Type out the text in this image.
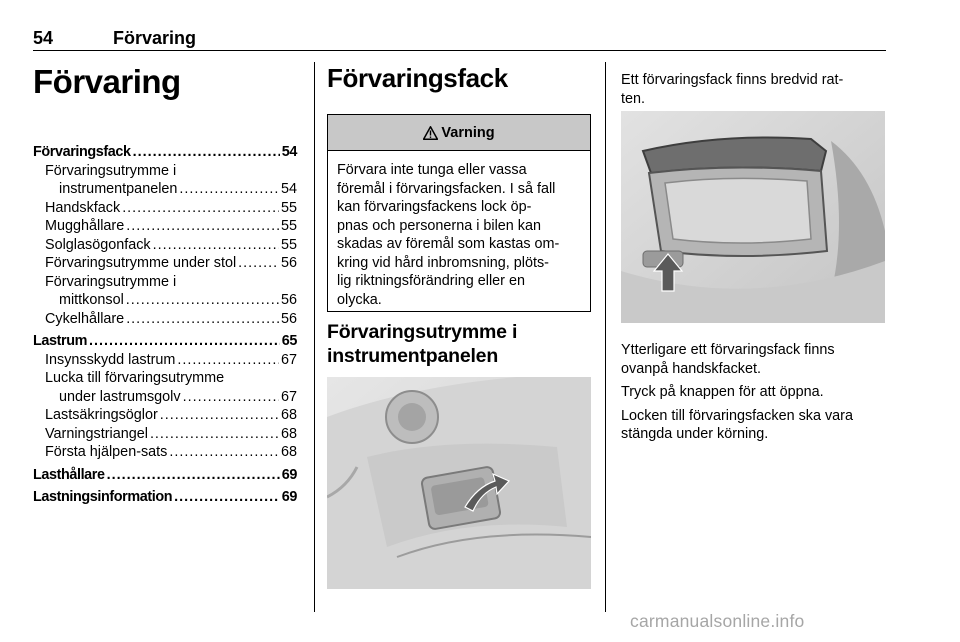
54	Förvaring
Förvaring
Förvaringsfack .....	54
Förvaringsutrymme i
instrumentpanelen .....	54
Handskfack .....	55
Mugghållare .....	55
Solglasögonfack .....	55
Förvaringsutrymme under stol .....	56
Förvaringsutrymme i
mittkonsol .....	56
Cykelhållare .....	56
Lastrum .....	65
Insynsskydd lastrum .....	67
Lucka till förvaringsutrymme
under lastrumsgolv .....	67
Lastsäkringsöglor .....	68
Varningstriangel .....	68
Första hjälpen-sats .....	68
Lasthållare .....	69
Lastningsinformation .....	69
Förvaringsfack
Varning
Förvara inte tunga eller vassa
föremål i förvaringsfacken. I så fall
kan förvaringsfackens lock öp-
pnas och personerna i bilen kan
skadas av föremål som kastas om-
kring vid hård inbromsning, plöts-
lig riktningsförändring eller en
olycka.
Förvaringsutrymme i
instrumentpanelen
Ett förvaringsfack finns bredvid rat-
ten.

Ytterligare ett förvaringsfack finns
ovanpå handskfacket.

Tryck på knappen för att öppna.

Locken till förvaringsfacken ska vara
stängda under körning.

carmanualsonline.info
